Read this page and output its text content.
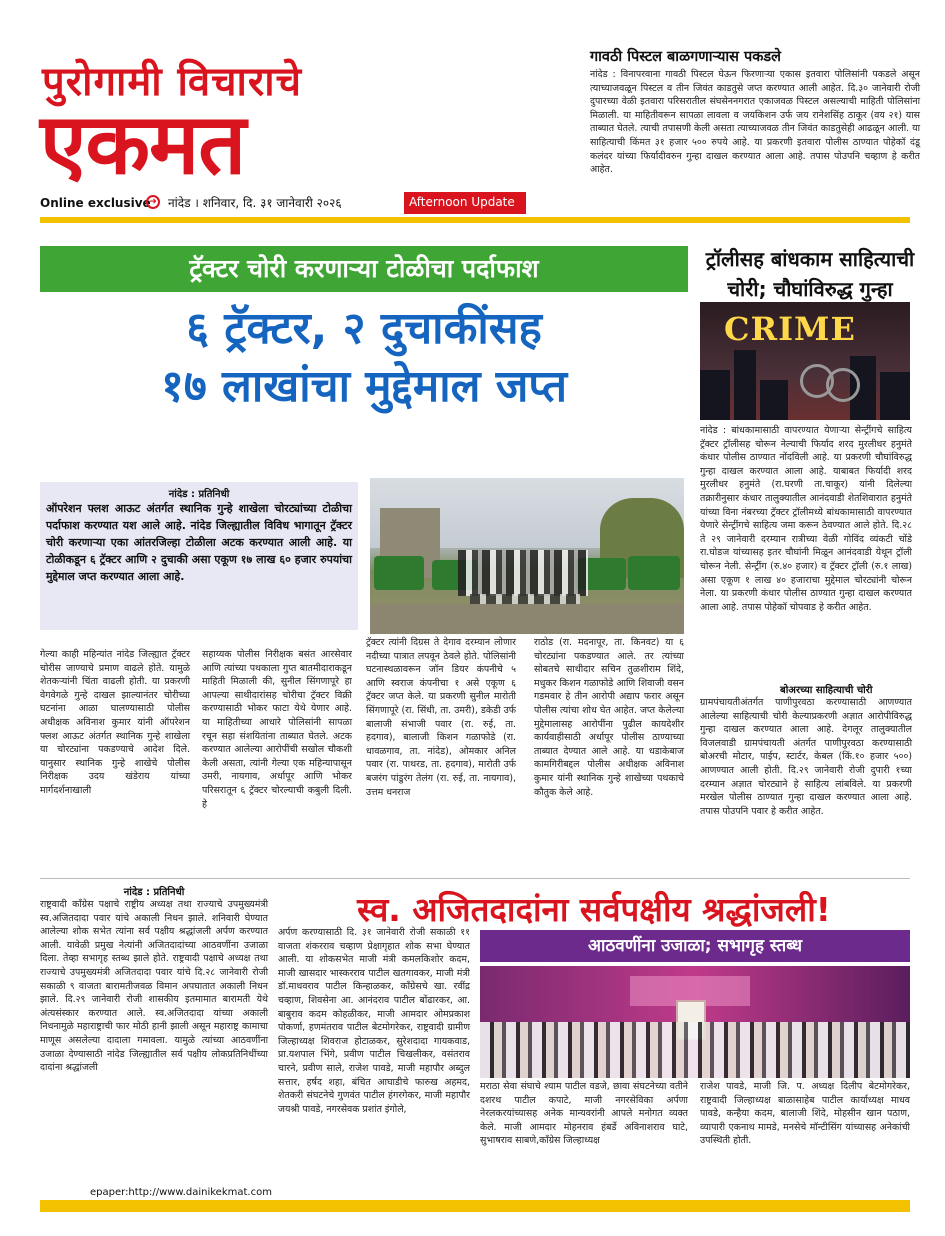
पुरोगामी विचाराचे
एकमत
Online exclusive
➜ नांदेड । शनिवार, दि. ३१ जानेवारी २०२६	Afternoon Update
गावठी पिस्टल बाळगणाऱ्यास पकडले

नांदेड : विनापरवाना गावठी पिस्टल घेऊन फिरणाऱ्या एकास इतवारा पोलिसांनी पकडले असून त्याच्याजवळून पिस्टल व तीन जिवंत काडतुसे जप्त करण्यात आली आहेत. दि.३० जानेवारी रोजी दुपारच्या वेळी इतवारा परिसरातील संघसेननगरात एकाजवळ पिस्टल असल्याची माहिती पोलिसांना मिळाली. या माहितीवरून सापळा लावला व जयकिशन उर्फ जय रानेशसिंह ठाकूर (वय २१) यास ताब्यात घेतले. त्याची तपासणी केली असता त्याच्याजवळ तीन जिवंत काडतुसेही आढळून आली. या साहित्याची किंमत ३१ हजार ५०० रुपये आहे. या प्रकरणी इतवारा पोलीस ठाण्यात पोहेकॉ दंडू कलंदर यांच्या फिर्यादीवरुन गुन्हा दाखल करण्यात आला आहे. तपास पोउपनि चव्हाण हे करीत आहेत.

ट्रॅक्टर चोरी करणाऱ्या टोळीचा पर्दाफाश
६ ट्रॅक्टर, २ दुचाकींसह
१७ लाखांचा मुद्देमाल जप्त
नांदेड : प्रतिनिधी
ऑपरेशन फ्लश आऊट अंतर्गत स्थानिक गुन्हे शाखेला चोरट्यांच्या टोळीचा पर्दाफाश करण्यात यश आले आहे. नांदेड जिल्ह्यातील विविध भागातून ट्रॅक्टर चोरी करणाऱ्या एका आंतरजिल्हा टोळीला अटक करण्यात आली आहे. या टोळीकडून ६ ट्रॅक्टर आणि २ दुचाकी असा एकूण १७ लाख ६० हजार रुपयांचा मुद्देमाल जप्त करण्यात आला आहे.

गेल्या काही महिन्यांत नांदेड जिल्ह्यात ट्रॅक्टर चोरीस जाण्याचे प्रमाण वाढले होते. यामुळे शेतकऱ्यांनी चिंता वाढली होती. या प्रकरणी वेगवेगळे गुन्हे दाखल झाल्यानंतर चोरीच्या घटनांना आळा घालण्यासाठी पोलीस अधीक्षक अविनाश कुमार यांनी ऑपरेशन फ्लश आऊट अंतर्गत स्थानिक गुन्हे शाखेला या चोरट्यांना पकडण्याचे आदेश दिले. यानुसार स्थानिक गुन्हे शाखेचे पोलीस निरीक्षक उदय खंडेराय यांच्या मार्गदर्शनाखाली

सहाय्यक पोलीस निरीक्षक बसंत आरसेवार आणि त्यांच्या पथकाला गुप्त बातमीदाराकडून माहिती मिळाली की, सुनील सिंगणापूरे हा आपल्या साथीदारांसह चोरीचा ट्रॅक्टर विक्री करण्यासाठी भोकर फाटा येथे येणार आहे. या माहितीच्या आधारे पोलिसांनी सापळा रचून सहा संशयितांना ताब्यात घेतले. अटक करण्यात आलेल्या आरोपींची सखोल चौकशी केली असता, त्यांनी गेल्या एक महिन्यापासून उमरी, नायगाव, अर्धापूर आणि भोकर परिसरातून ६ ट्रॅक्टर चोरल्याची कबुली दिली. हे

ट्रॅक्टर त्यांनी दिग्रस ते देगाव दरम्यान लोणार नदीच्या पात्रात लपवून ठेवले होते. पोलिसांनी घटनास्थळावरून जॉन डियर कंपनीचे ५ आणि स्वराज कंपनीचा १ असे एकूण ६ ट्रॅक्टर जप्त केले. या प्रकरणी सुनील मारोती सिंगणापूरे (रा. सिंधी, ता. उमरी), डकेडी उर्फ बालाजी संभाजी पवार (रा. रुई, ता. हदगाव), बालाजी किशन गळाफोडे (रा. धावळगाव, ता. नांदेड), ओमकार अनिल पवार (रा. पाथरड, ता. हदगाव), मारोती उर्फ बजरंग पांडुरंग तेलंग (रा. रुई, ता. नायगाव), उत्तम धनराज

राठोड (रा. मदनापूर, ता. किनवट) या ६ चोरट्यांना पकडण्यात आले. तर त्यांच्या सोबतचे साथीदार सचिन तुळशीराम शिंदे, मधुकर किशन गळाफोडे आणि शिवाजी वसन गडमवार हे तीन आरोपी अद्याप फरार असून पोलीस त्यांचा शोध घेत आहेत. जप्त केलेल्या मुद्देमालासह आरोपींना पुढील कायदेशीर कार्यवाहीसाठी अर्धापूर पोलीस ठाण्याच्या ताब्यात देण्यात आले आहे. या धडाकेबाज कामगिरीबद्दल पोलीस अधीक्षक अविनाश कुमार यांनी स्थानिक गुन्हे शाखेच्या पथकाचे कौतुक केले आहे.

ट्रॉलीसह बांधकाम साहित्याची चोरी; चौघांविरुद्ध गुन्हा
CRIME

नांदेड : बांधकामासाठी वापरण्यात येणाऱ्या सेन्ट्रींगचे साहित्य ट्रॅक्टर ट्रॉलीसह चोरून नेल्याची फिर्याद शरद मुरलीधर हनुमंते कंधार पोलीस ठाण्यात नोंदविली आहे. या प्रकरणी चौघांविरुद्ध गुन्हा दाखल करण्यात आला आहे. याबाबत फिर्यादी शरद मुरलीधर हनुमंते (रा.घरणी ता.चाकूर) यांनी दिलेल्या तक्रारीनुसार कंधार तालुक्यातील आनंदवाडी शेतशिवारात हनुमंते यांच्या विना नंबरच्या ट्रॅक्टर ट्रॉलीमध्ये बांधकामासाठी वापरण्यात येणारे सेन्ट्रींगचे साहित्य जमा करून ठेवण्यात आले होते. दि.२८ ते २९ जानेवारी दरम्यान रात्रीच्या वेळी गोविंद व्यंकटी चोंडे रा.घोडज यांच्यासह इतर चौघांनी मिळून आनंदवाडी येथून ट्रॉली चोरून नेली. सेन्ट्रींग (रु.४० हजार) व ट्रॅक्टर ट्रॉली (रु.१ लाख) असा एकूण १ लाख ४० हजाराचा मुद्देमाल चोरट्यांनी चोरून नेला. या प्रकरणी कंधार पोलीस ठाण्यात गुन्हा दाखल करण्यात आला आहे. तपास पोहेकॉ चोपवाड हे करीत आहेत.

बोअरच्या साहित्याची चोरी

ग्रामपंचायतीअंतर्गत पाणीपुरवठा करण्यासाठी आणण्यात आलेल्या साहित्याची चोरी केल्याप्रकरणी अज्ञात आरोपीविरुद्ध गुन्हा दाखल करण्यात आला आहे. देगलूर तालुक्यातील विजलवाडी ग्रामपंचायती अंतर्गत पाणीपुरवठा करण्यासाठी बोअरची मोटार, पाईप, स्टार्टर, केबल (किं.१० हजार ५००) आणण्यात आली होती. दि.२९ जानेवारी रोजी दुपारी १च्या दरम्यान अज्ञात चोरट्याने हे साहित्य लांबविले. या प्रकरणी मरखेल पोलीस ठाण्यात गुन्हा दाखल करण्यात आला आहे. तपास पोउपनि पवार हे करीत आहेत.

नांदेड : प्रतिनिधी

राष्ट्रवादी काँग्रेस पक्षाचे राष्ट्रीय अध्यक्ष तथा राज्याचे उपमुख्यमंत्री स्व.अजितदादा पवार यांचे अकाली निधन झाले. शनिवारी घेण्यात आलेल्या शोक सभेत त्यांना सर्व पक्षीय श्रद्धांजली अर्पण करण्यात आली. यावेळी प्रमुख नेत्यांनी अजितदादांच्या आठवणींना उजाळा दिला. तेव्हा सभागृह स्तब्ध झाले होते. राष्ट्रवादी पक्षाचे अध्यक्ष तथा राज्याचे उपमुख्यमंत्री अजितदादा पवार यांचे दि.२८ जानेवारी रोजी सकाळी ९ वाजता बारामतीजवळ विमान अपघातात अकाली निधन झाले. दि.२९ जानेवारी रोजी शासकीय इतमामात बारामती येथे अंत्यसंस्कार करण्यात आले. स्व.अजितदादा यांच्या अकाली निधनामुळे महाराष्ट्राची फार मोठी हानी झाली असून महाराष्ट्र कामाचा माणूस असलेल्या दादाला गमावला. यामुळे त्यांच्या आठवणींना उजाळा देण्यासाठी नांदेड जिल्ह्यातील सर्व पक्षीय लोकप्रतिनिधींच्या दादांना श्रद्धांजली

अर्पण करण्यासाठी दि. ३१ जानेवारी रोजी सकाळी ११ वाजता शंकरराव चव्हाण प्रेक्षागृहात शोक सभा घेण्यात आली. या शोकसभेत माजी मंत्री कमलकिशोर कदम, माजी खासदार भास्करराव पाटील खतगावकर, माजी मंत्री डॉ.माधवराव पाटील किन्हाळकर, काँग्रेसचे खा. रवींद्र चव्हाण, शिवसेना आ. आनंदराव पाटील बोंढारकर, आ. बाबुराव कदम कोहळीकर, माजी आमदार ओमप्रकाश पोकर्णा, हणमंतराव पाटील बेटमोगरेकर, राष्ट्रवादी ग्रामीण जिल्हाध्यक्ष शिवराज होटाळकर, सुरेशदादा गायकवाड, प्रा.यशपाल भिंगे, प्रवीण पाटील चिखलीकर, वसंतराव चारने, प्रवीण साले, राजेश पावडे, माजी महापौर अब्दुल सत्तार, हर्षद शहा, बंचित आघाडीचे फारुख अहमद, शेतकरी संघटनेचे गुणवंत पाटील हंगरगेकर, माजी महापौर जयश्री पावडे, नगरसेवक प्रशांत इंगोले,

स्व. अजितदादांना सर्वपक्षीय श्रद्धांजली!
आठवणींना उजाळा; सभागृह स्तब्ध

मराठा सेवा संघाचे श्याम पाटील वडजे, छावा संघटनेच्या वतीने दशरथ पाटील कपाटे, माजी नगरसेविका अर्पणा नेरलकरयांच्यासह अनेक मान्यवरांनी आपले मनोगत व्यक्त केले. माजी आमदार मोहनराव हंबर्डे अविनाशराव घाटे, सुभाषराव साबणे,काँग्रेस जिल्हाध्यक्ष

राजेश पावडे, माजी जि. प. अध्यक्ष दिलीप बेटमोगरेकर, राष्ट्रवादी जिल्हाध्यक्ष बाळासाहेब पाटील कार्याध्यक्ष माधव पावडे, कन्हैया कदम, बालाजी शिंदे, मोहसीन खान पठाण, व्यापारी एकनाथ मामडे, मनसेचे मॉन्टीसिंग यांच्यासह अनेकांची उपस्थिती होती.

epaper:http://www.dainikekmat.com
